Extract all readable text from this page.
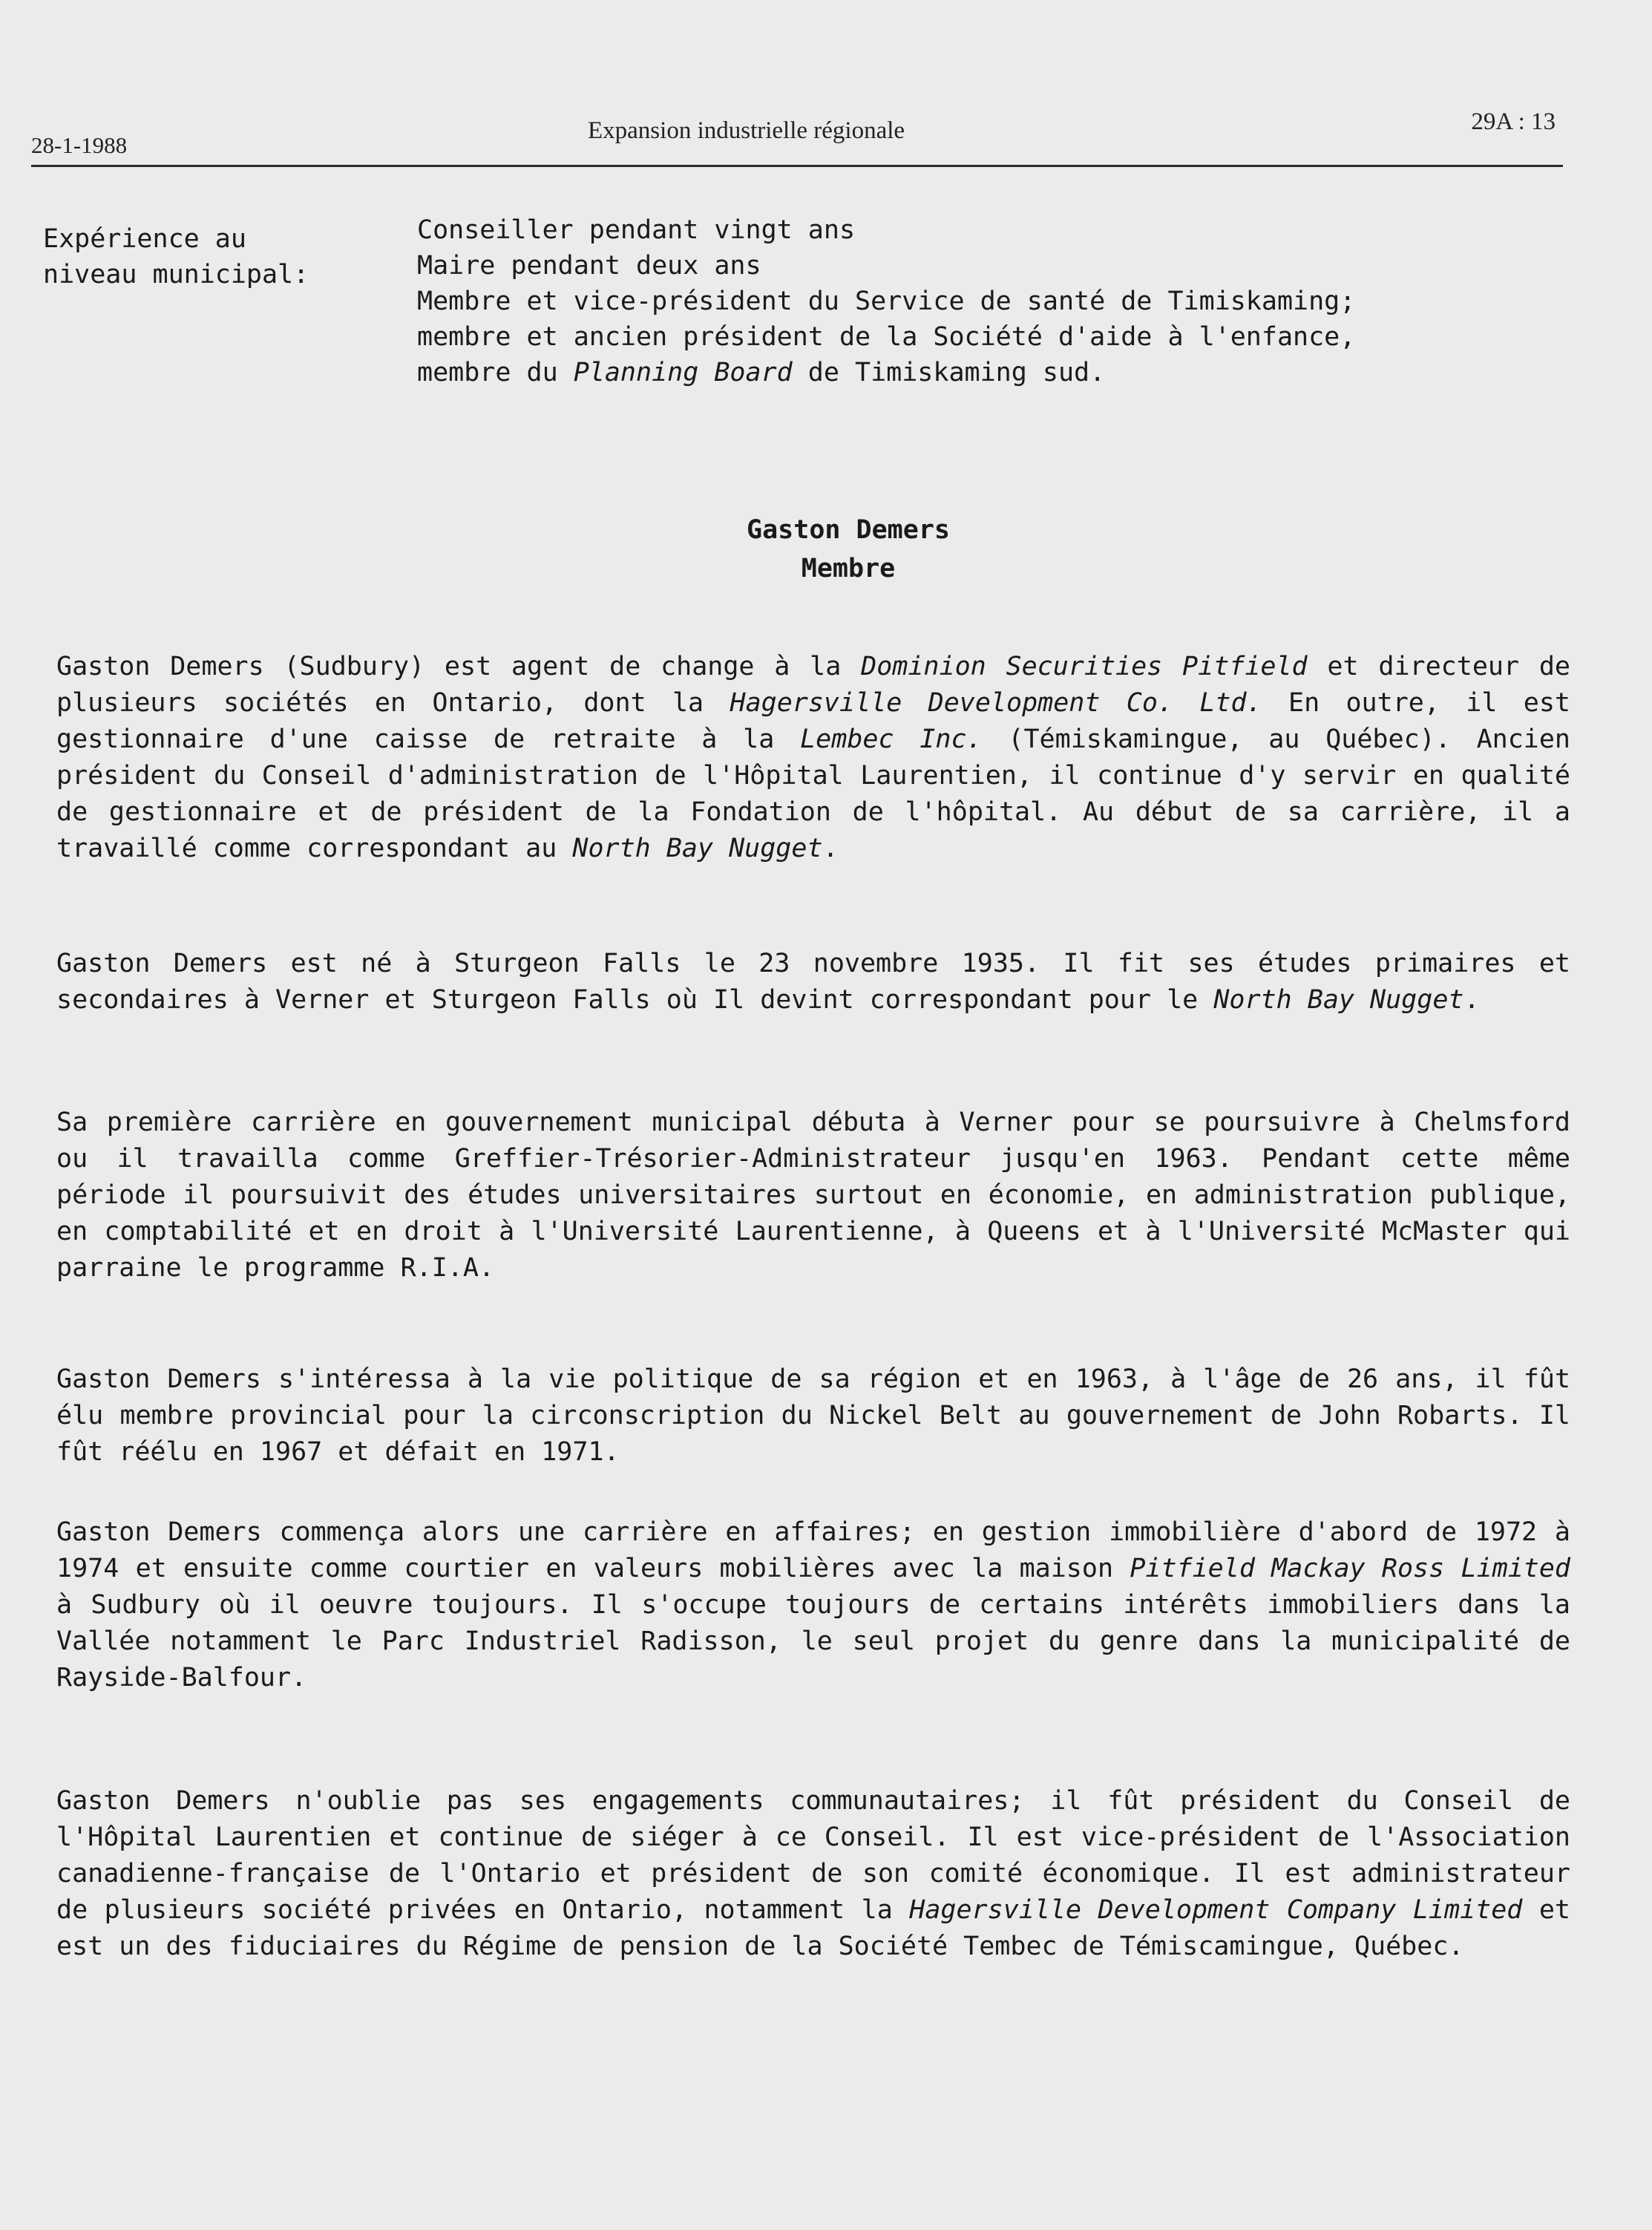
28-1-1988
Expansion industrielle régionale	29A : 13
Expérience au
niveau municipal:
Conseiller pendant vingt ans
Maire pendant deux ans
Membre et vice-président du Service de santé de Timiskaming;
membre et ancien président de la Société d'aide à l'enfance,
membre du Planning Board de Timiskaming sud.
Gaston Demers
Membre
Gaston Demers (Sudbury) est agent de change à la Dominion Securities Pitfield et directeur de plusieurs sociétés en Ontario, dont la Hagersville Development Co. Ltd. En outre, il est gestionnaire d'une caisse de retraite à la Lembec Inc. (Témiskamingue, au Québec). Ancien président du Conseil d'administration de l'Hôpital Laurentien, il continue d'y servir en qualité de gestionnaire et de président de la Fondation de l'hôpital. Au début de sa carrière, il a travaillé comme correspondant au North Bay Nugget.
Gaston Demers est né à Sturgeon Falls le 23 novembre 1935. Il fit ses études primaires et secondaires à Verner et Sturgeon Falls où Il devint correspondant pour le North Bay Nugget.
Sa première carrière en gouvernement municipal débuta à Verner pour se poursuivre à Chelmsford ou il travailla comme Greffier-Trésorier-Administrateur jusqu'en 1963. Pendant cette même période il poursuivit des études universitaires surtout en économie, en administration publique, en comptabilité et en droit à l'Université Laurentienne, à Queens et à l'Université McMaster qui parraine le programme R.I.A.
Gaston Demers s'intéressa à la vie politique de sa région et en 1963, à l'âge de 26 ans, il fût élu membre provincial pour la circonscription du Nickel Belt au gouvernement de John Robarts. Il fût réélu en 1967 et défait en 1971.
Gaston Demers commença alors une carrière en affaires; en gestion immobilière d'abord de 1972 à 1974 et ensuite comme courtier en valeurs mobilières avec la maison Pitfield Mackay Ross Limited à Sudbury où il oeuvre toujours. Il s'occupe toujours de certains intérêts immobiliers dans la Vallée notamment le Parc Industriel Radisson, le seul projet du genre dans la municipalité de Rayside-Balfour.
Gaston Demers n'oublie pas ses engagements communautaires; il fût président du Conseil de l'Hôpital Laurentien et continue de siéger à ce Conseil. Il est vice-président de l'Association canadienne-française de l'Ontario et président de son comité économique. Il est administrateur de plusieurs société privées en Ontario, notamment la Hagersville Development Company Limited et est un des fiduciaires du Régime de pension de la Société Tembec de Témiscamingue, Québec.
